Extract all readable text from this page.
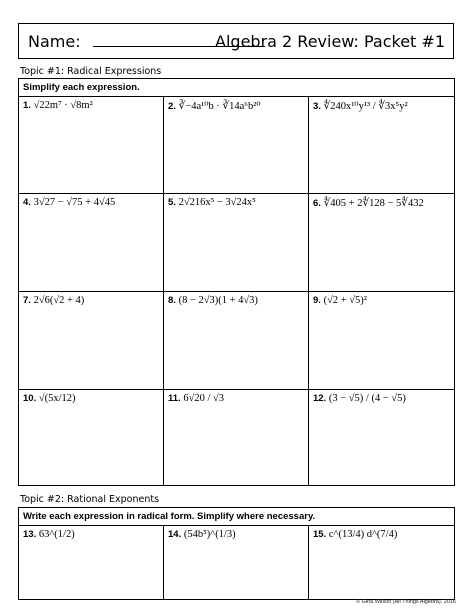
Name:	Algebra 2 Review: Packet #1
Topic #1: Radical Expressions
Simplify each expression.		
1. √22m⁷ · √8m²	2. ∛−4a¹⁰b · ∛14a⁶b²⁰	3. ∜240x¹⁰y¹³ / ∜3x⁵y²
4. 3√27 − √75 + 4√45	5. 2√216x⁵ − 3√24x⁵	6. ∜405 + 2∜128 − 5∜432
7. 2√6(√2 + 4)	8. (8 − 2√3)(1 + 4√3)	9. (√2 + √5)²
10. √(5x/12)	11. 6√20 / √3	12. (3 − √5) / (4 − √5)
Topic #2: Rational Exponents
Write each expression in radical form. Simplify where necessary.
13. 63^(1/2)	14. (54b⁵)^(1/3)	15. c^(13/4) d^(7/4)
© Gina Wilson (All Things Algebra), 2016
